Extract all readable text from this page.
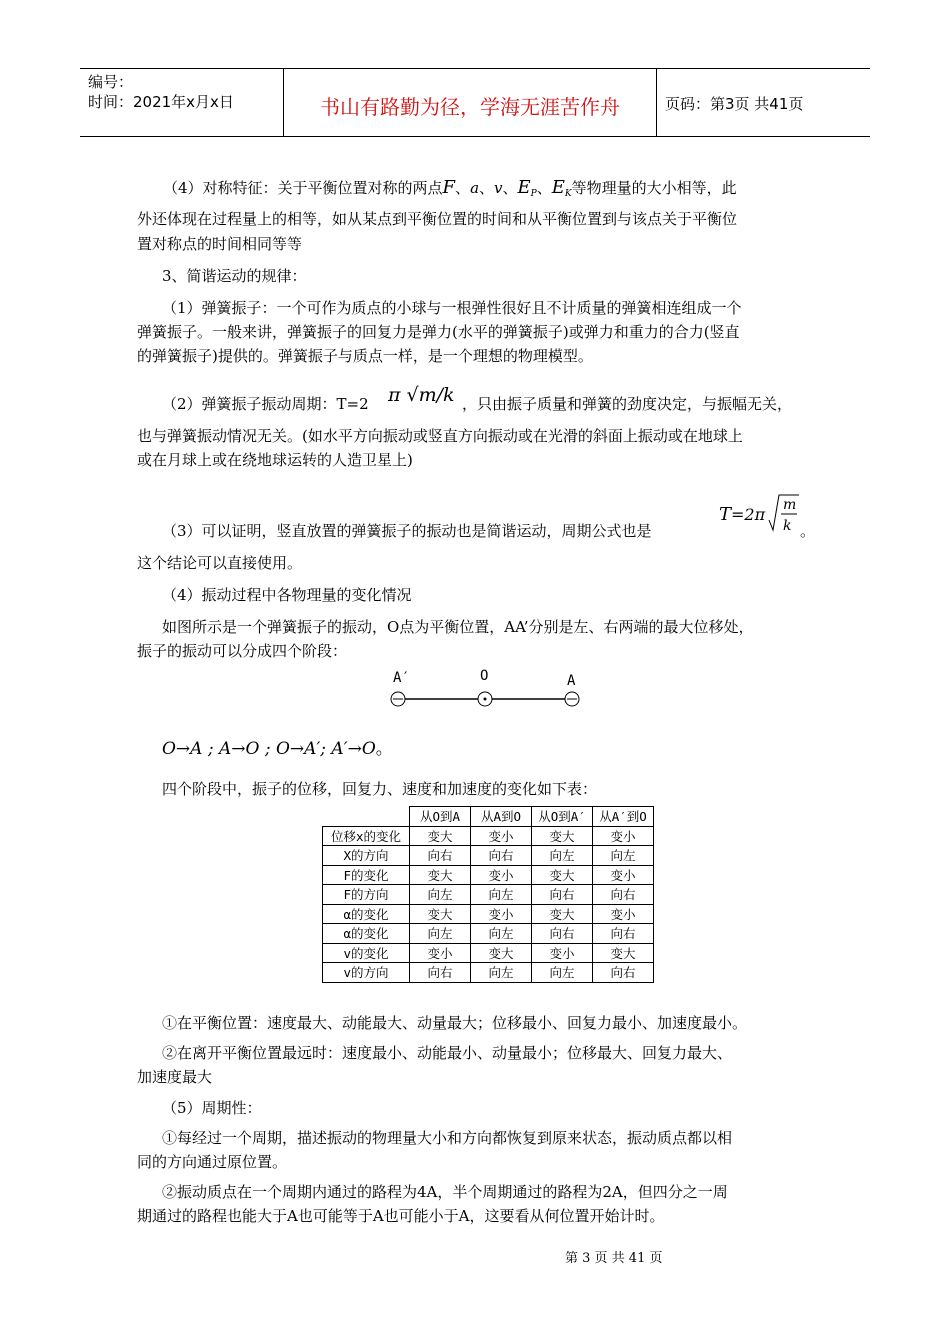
编号：
时间：2021年x月x日	书山有路勤为径，学海无涯苦作舟	页码：第3页 共41页
（4）对称特征：关于平衡位置对称的两点F、a、v、$E_P$、$E_K$等物理量的大小相等，此
外还体现在过程量上的相等，如从某点到平衡位置的时间和从平衡位置到与该点关于平衡位
置对称点的时间相同等等
3、简谐运动的规律：
（1）弹簧振子：一个可作为质点的小球与一根弹性很好且不计质量的弹簧相连组成一个
弹簧振子。一般来讲，弹簧振子的回复力是弹力(水平的弹簧振子)或弹力和重力的合力(竖直
的弹簧振子)提供的。弹簧振子与质点一样，是一个理想的物理模型。
（2）弹簧振子振动周期：T=2	π √m/k ，只由振子质量和弹簧的劲度决定，与振幅无关，
也与弹簧振动情况无关。(如水平方向振动或竖直方向振动或在光滑的斜面上振动或在地球上
或在月球上或在绕地球运转的人造卫星上)
（3）可以证明，竖直放置的弹簧振子的振动也是简谐运动，周期公式也是
T =2π m
k 。
这个结论可以直接使用。
（4）振动过程中各物理量的变化情况
如图所示是一个弹簧振子的振动，O点为平衡位置，AA’分别是左、右两端的最大位移处，
振子的振动可以分成四个阶段：
A′	O	A
O→A ; A→O ; O→A′; A′→O。
四个阶段中，振子的位移，回复力、速度和加速度的变化如下表：
	从O到A	从A到O	从O到A′	从A′到O
位移x的变化	变大	变小	变大	变小
X的方向	向右	向右	向左	向左
F的变化	变大	变小	变大	变小
F的方向	向左	向左	向右	向右
α的变化	变大	变小	变大	变小
α的变化	向左	向左	向右	向右
v的变化	变小	变大	变小	变大
v的方向	向右	向左	向左	向右
①在平衡位置：速度最大、动能最大、动量最大；位移最小、回复力最小、加速度最小。
②在离开平衡位置最远时：速度最小、动能最小、动量最小；位移最大、回复力最大、
加速度最大
（5）周期性：
①每经过一个周期，描述振动的物理量大小和方向都恢复到原来状态，振动质点都以相
同的方向通过原位置。
②振动质点在一个周期内通过的路程为4A，半个周期通过的路程为2A，但四分之一周
期通过的路程也能大于A也可能等于A也可能小于A，这要看从何位置开始计时。
第 3 页 共 41 页
